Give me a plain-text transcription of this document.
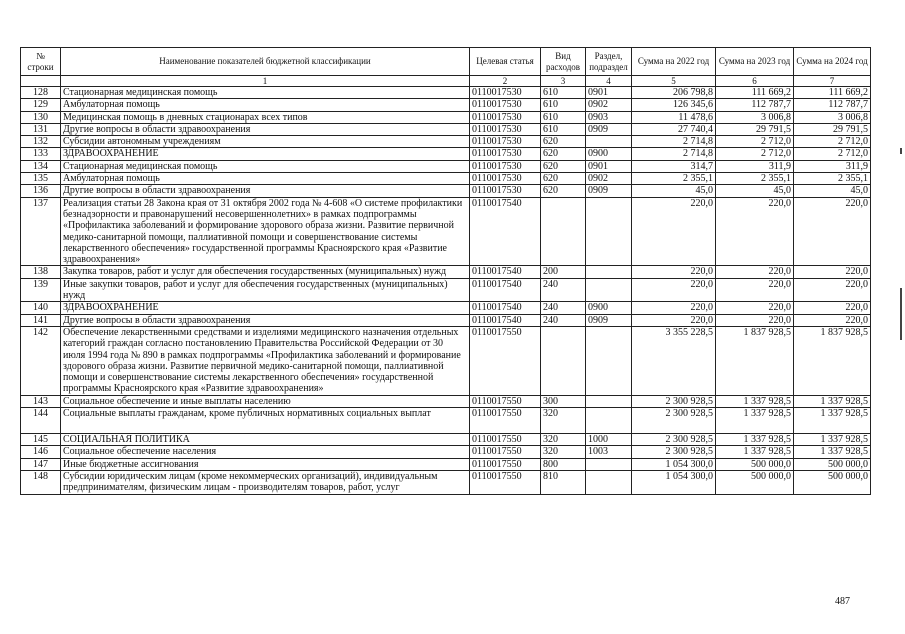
№ строки	Наименование показателей бюджетной классификации	Целевая статья	Вид расходов	Раздел, подраздел	Сумма на 2022 год	Сумма на 2023 год	Сумма на 2024 год
	1	2	3	4	5	6	7
128	Стационарная медицинская помощь	0110017530	610	0901	206 798,8	111 669,2	111 669,2
129	Амбулаторная помощь	0110017530	610	0902	126 345,6	112 787,7	112 787,7
130	Медицинская помощь в дневных стационарах всех типов	0110017530	610	0903	11 478,6	3 006,8	3 006,8
131	Другие вопросы в области здравоохранения	0110017530	610	0909	27 740,4	29 791,5	29 791,5
132	Субсидии автономным учреждениям	0110017530	620		2 714,8	2 712,0	2 712,0
133	ЗДРАВООХРАНЕНИЕ	0110017530	620	0900	2 714,8	2 712,0	2 712,0
134	Стационарная медицинская помощь	0110017530	620	0901	314,7	311,9	311,9
135	Амбулаторная помощь	0110017530	620	0902	2 355,1	2 355,1	2 355,1
136	Другие вопросы в области здравоохранения	0110017530	620	0909	45,0	45,0	45,0
137	Реализация статьи 28 Закона края от 31 октября 2002 года № 4-608 «О системе профилактики безнадзорности и правонарушений несовершеннолетних» в рамках подпрограммы «Профилактика заболеваний и формирование здорового образа жизни. Развитие первичной медико-санитарной помощи, паллиативной помощи и совершенствование системы лекарственного обеспечения» государственной программы Красноярского края «Развитие здравоохранения»	0110017540			220,0	220,0	220,0
138	Закупка товаров, работ и услуг для обеспечения государственных (муниципальных) нужд	0110017540	200		220,0	220,0	220,0
139	Иные закупки товаров, работ и услуг для обеспечения государственных (муниципальных) нужд	0110017540	240		220,0	220,0	220,0
140	ЗДРАВООХРАНЕНИЕ	0110017540	240	0900	220,0	220,0	220,0
141	Другие вопросы в области здравоохранения	0110017540	240	0909	220,0	220,0	220,0
142	Обеспечение лекарственными средствами и изделиями медицинского назначения отдельных категорий граждан согласно постановлению Правительства Российской Федерации от 30 июля 1994 года № 890 в рамках подпрограммы «Профилактика заболеваний и формирование здорового образа жизни. Развитие первичной медико-санитарной помощи, паллиативной помощи и совершенствование системы лекарственного обеспечения» государственной программы Красноярского края «Развитие здравоохранения»	0110017550			3 355 228,5	1 837 928,5	1 837 928,5
143	Социальное обеспечение и иные выплаты населению	0110017550	300		2 300 928,5	1 337 928,5	1 337 928,5
144	Социальные выплаты гражданам, кроме публичных нормативных социальных выплат	0110017550	320		2 300 928,5	1 337 928,5	1 337 928,5
145	СОЦИАЛЬНАЯ ПОЛИТИКА	0110017550	320	1000	2 300 928,5	1 337 928,5	1 337 928,5
146	Социальное обеспечение населения	0110017550	320	1003	2 300 928,5	1 337 928,5	1 337 928,5
147	Иные бюджетные ассигнования	0110017550	800		1 054 300,0	500 000,0	500 000,0
148	Субсидии юридическим лицам (кроме некоммерческих организаций), индивидуальным предпринимателям, физическим лицам - производителям товаров, работ, услуг	0110017550	810		1 054 300,0	500 000,0	500 000,0
487
